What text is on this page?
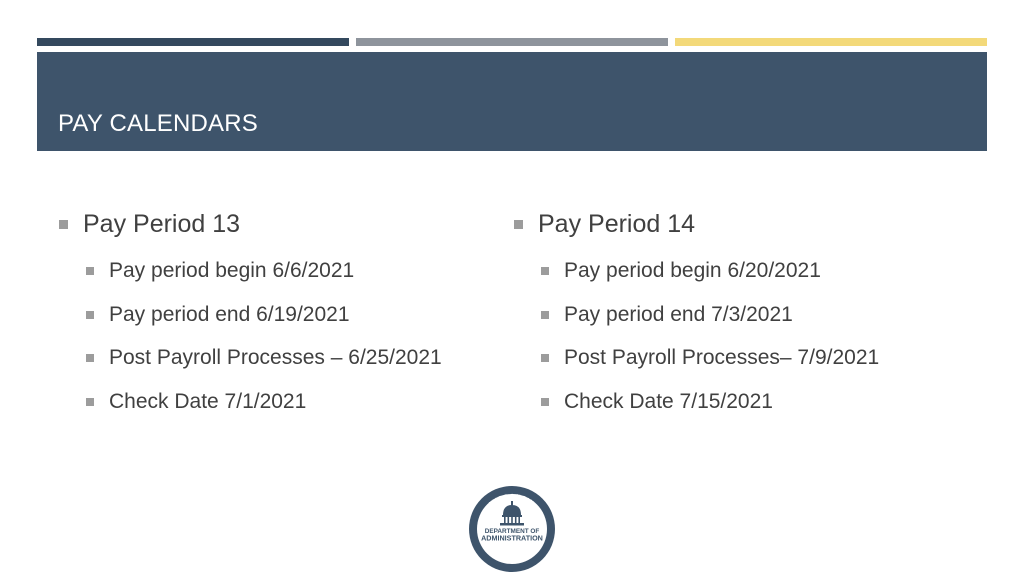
PAY CALENDARS
Pay Period 13
Pay period begin 6/6/2021
Pay period end 6/19/2021
Post Payroll Processes – 6/25/2021
Check Date 7/1/2021
Pay Period 14
Pay period begin 6/20/2021
Pay period end 7/3/2021
Post Payroll Processes– 7/9/2021
Check Date 7/15/2021
WISCONSIN
DOA.WI.GOV
DEPARTMENT OF
ADMINISTRATION
